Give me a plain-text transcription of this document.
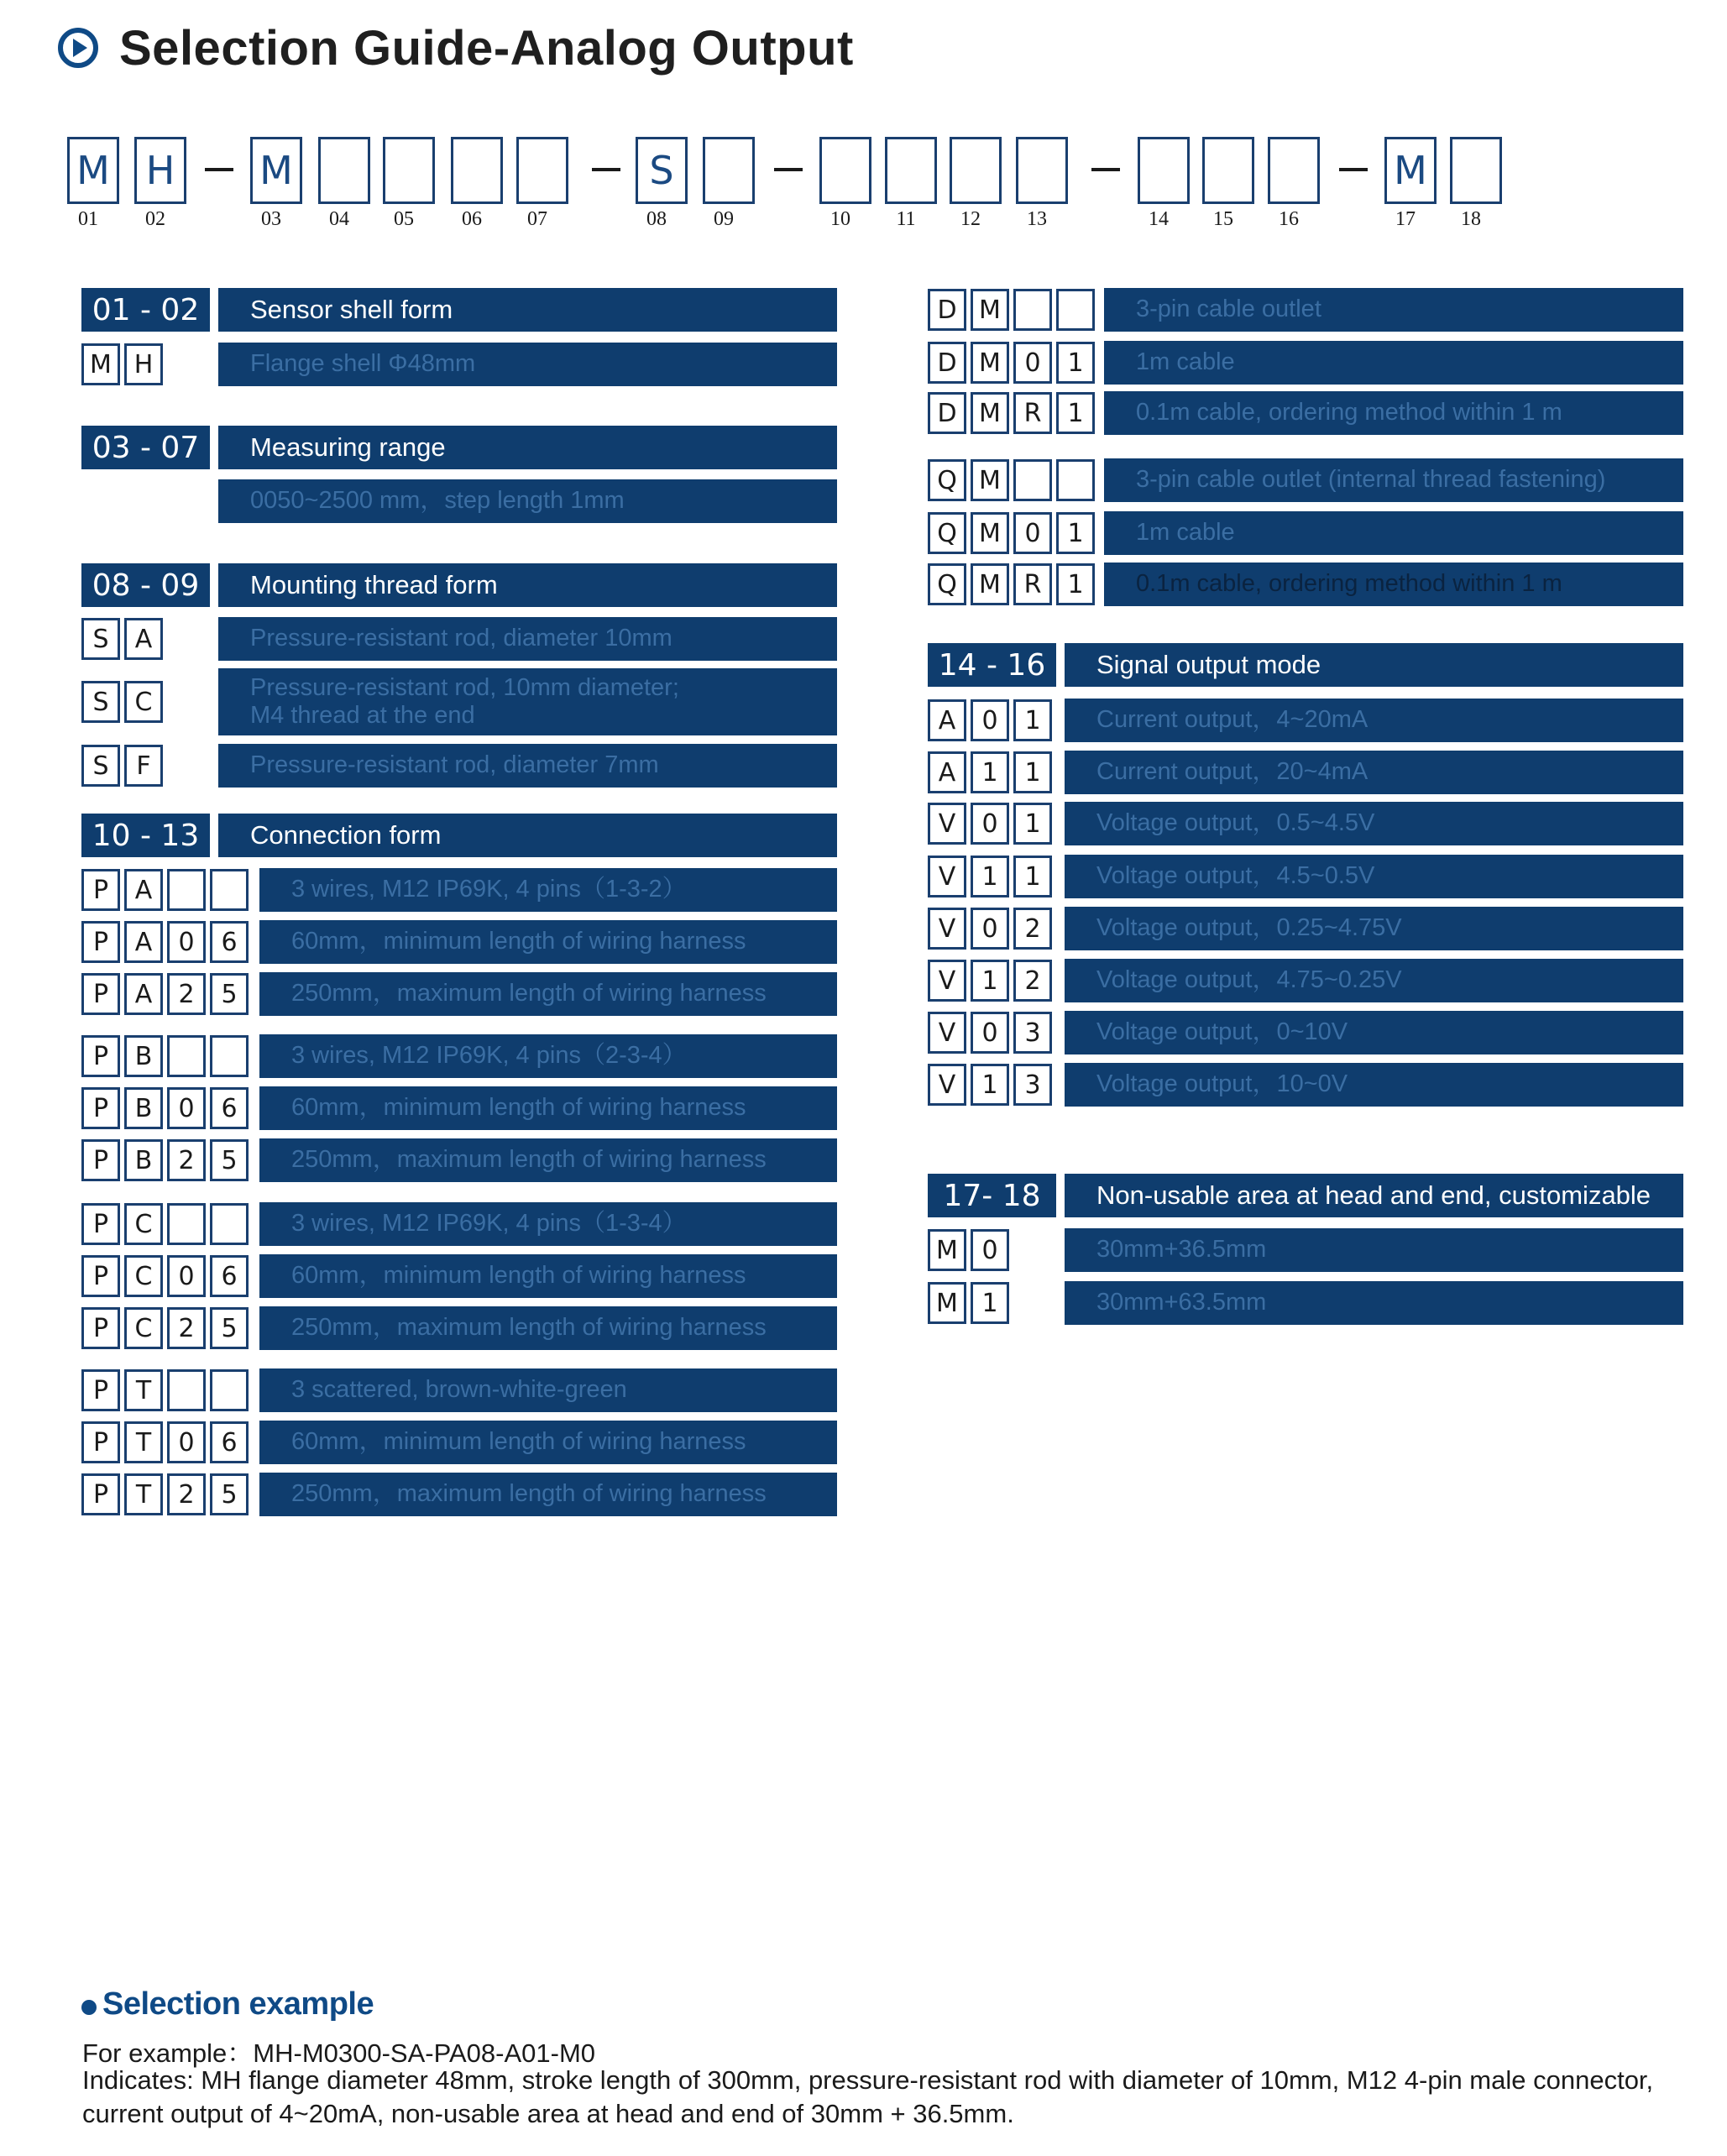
Selection Guide-Analog Output
M
01
H
02
M
03	04	05	06	07
S
08	09	10	11	12	13	14	15	16
M
17	18
01 - 02	Sensor shell form
M H	Flange shell Φ48mm
03 - 07	Measuring range
0050~2500 mm，step length 1mm
08 - 09	Mounting thread form
S	A	Pressure-resistant rod, diameter 10mm
S	C	Pressure-resistant rod, 10mm diameter;
M4 thread at the end
S	F	Pressure-resistant rod, diameter 7mm
10 - 13	Connection form
P	A	3 wires, M12 IP69K, 4 pins（1-3-2）
P	A	0	6	60mm，minimum length of wiring harness
P	A	2	5	250mm，maximum length of wiring harness
P	B	3 wires, M12 IP69K, 4 pins（2-3-4）
P	B	0	6	60mm，minimum length of wiring harness
P	B	2	5	250mm，maximum length of wiring harness
P	C	3 wires, M12 IP69K, 4 pins（1-3-4）
P	C	0	6	60mm，minimum length of wiring harness
P	C	2	5	250mm，maximum length of wiring harness
P	T	3 scattered, brown-white-green
P	T	0	6	60mm，minimum length of wiring harness
P	T	2	5	250mm，maximum length of wiring harness
D M	3-pin cable outlet
D M 0	1	1m cable
D M R	1	0.1m cable, ordering method within 1 m
Q M	3-pin cable outlet (internal thread fastening)
Q M 0	1	1m cable
Q M R	1	0.1m cable, ordering method within 1 m
14 - 16	Signal output mode
A	0	1	Current output，4~20mA
A	1	1	Current output，20~4mA
V	0	1	Voltage output，0.5~4.5V
V	1	1	Voltage output，4.5~0.5V
V	0	2	Voltage output，0.25~4.75V
V	1	2	Voltage output，4.75~0.25V
V	0	3	Voltage output，0~10V
V	1	3	Voltage output，10~0V
17- 18	Non-usable area at head and end, customizable
M 0	30mm+36.5mm
M 1	30mm+63.5mm
Selection example
For example：MH-M0300-SA-PA08-A01-M0
Indicates: MH flange diameter 48mm, stroke length of 300mm, pressure-resistant rod with diameter of 10mm, M12 4-pin male connector,
current output of 4~20mA, non-usable area at head and end of 30mm + 36.5mm.
